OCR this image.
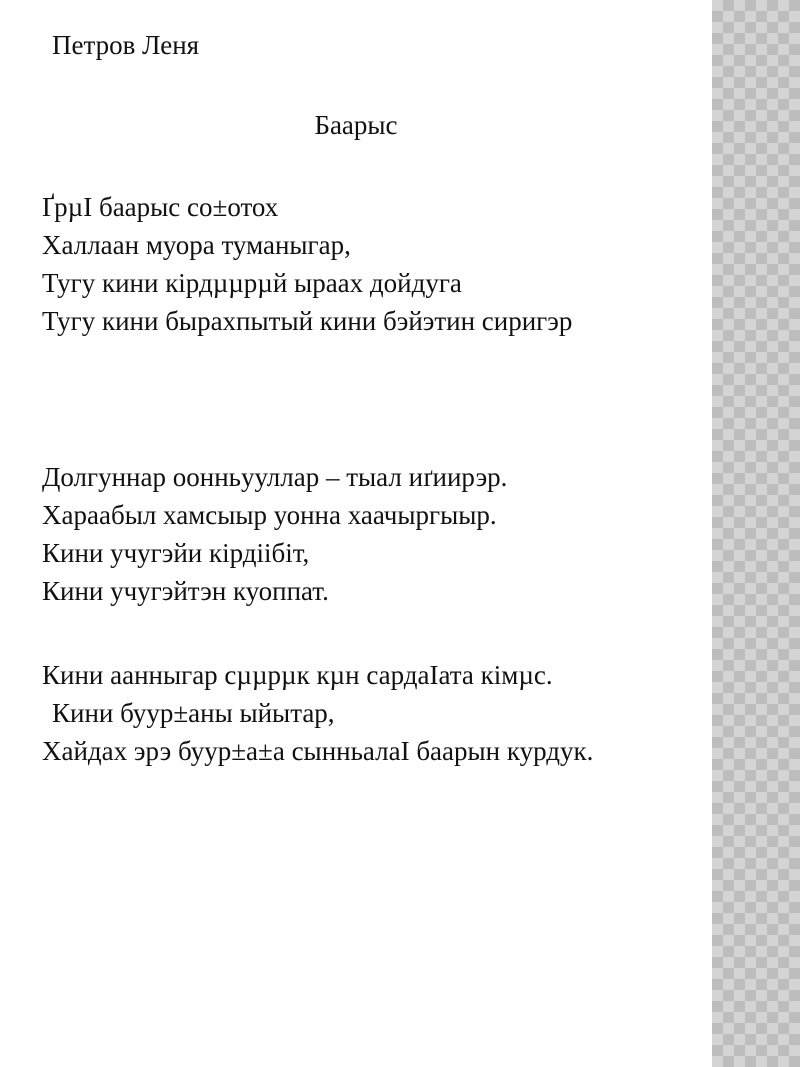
Петров Леня
Баарыс
ҐрµІ баарыс со±отох
Халлаан муора туманыгар,
Тугу кини кірдµµрµй ыраах дойдуга
Тугу кини быpахпытый кини бэйэтин сиригэр
Долгуннар оонньууллар – тыал иґиирэр.
Хараабыл хамсыыр уонна хаачыргыыр.
Кини учугэйи кірдіібіт,
Кини учугэйтэн куоппат.
Кини аанныгар сµµрµк кµн сардаІата кімµс.
Кини буур±аны ыйытар,
Хайдах эрэ буур±а±а сынньалаІ баарын курдук.
